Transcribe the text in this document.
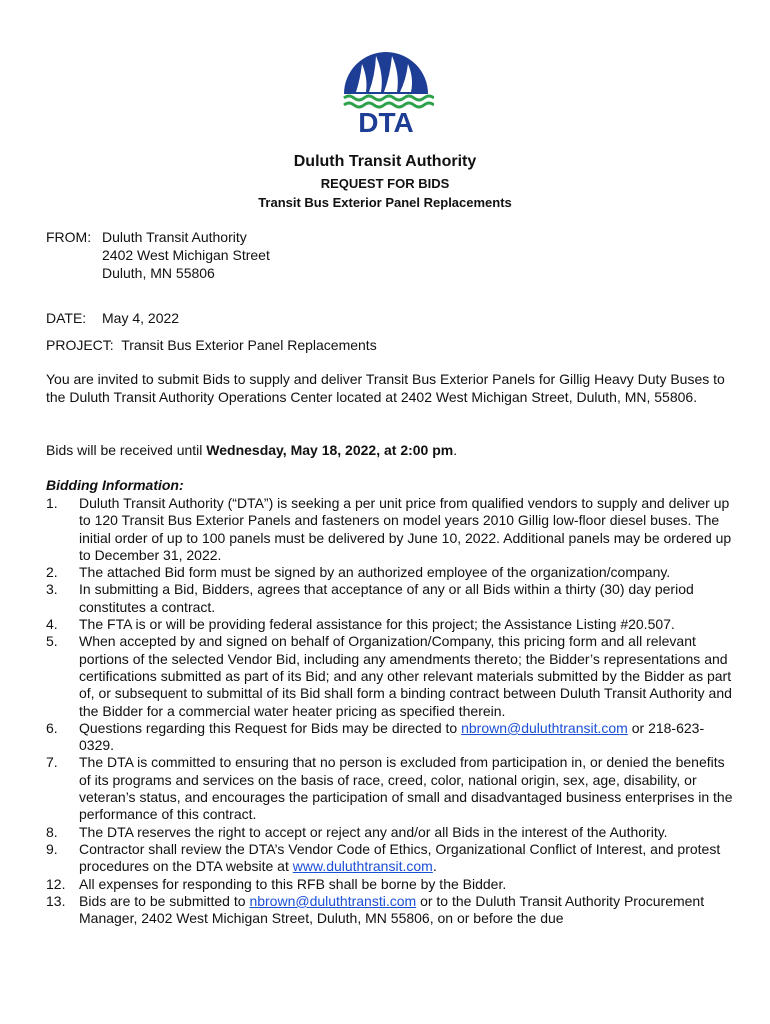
DTA
Duluth Transit Authority
REQUEST FOR BIDS
Transit Bus Exterior Panel Replacements
FROM: Duluth Transit Authority
2402 West Michigan Street
Duluth, MN 55806
DATE: May 4, 2022
PROJECT: Transit Bus Exterior Panel Replacements
You are invited to submit Bids to supply and deliver Transit Bus Exterior Panels for Gillig Heavy Duty Buses to the Duluth Transit Authority Operations Center located at 2402 West Michigan Street, Duluth, MN, 55806.
Bids will be received until Wednesday, May 18, 2022, at 2:00 pm.
Bidding Information:
1.	Duluth Transit Authority (“DTA”) is seeking a per unit price from qualified vendors to supply and deliver up to 120 Transit Bus Exterior Panels and fasteners on model years 2010 Gillig low-floor diesel buses. The initial order of up to 100 panels must be delivered by June 10, 2022. Additional panels may be ordered up to December 31, 2022.
2.	The attached Bid form must be signed by an authorized employee of the organization/company.
3.	In submitting a Bid, Bidders, agrees that acceptance of any or all Bids within a thirty (30) day period constitutes a contract.
4.	The FTA is or will be providing federal assistance for this project; the Assistance Listing #20.507.
5.	When accepted by and signed on behalf of Organization/Company, this pricing form and all relevant portions of the selected Vendor Bid, including any amendments thereto; the Bidder’s representations and certifications submitted as part of its Bid; and any other relevant materials submitted by the Bidder as part of, or subsequent to submittal of its Bid shall form a binding contract between Duluth Transit Authority and the Bidder for a commercial water heater pricing as specified therein.
6.	Questions regarding this Request for Bids may be directed to nbrown@duluthtransit.com or 218-623-0329.
7.	The DTA is committed to ensuring that no person is excluded from participation in, or denied the benefits of its programs and services on the basis of race, creed, color, national origin, sex, age, disability, or veteran’s status, and encourages the participation of small and disadvantaged business enterprises in the performance of this contract.
8.	The DTA reserves the right to accept or reject any and/or all Bids in the interest of the Authority.
9.	Contractor shall review the DTA’s Vendor Code of Ethics, Organizational Conflict of Interest, and protest procedures on the DTA website at www.duluthtransit.com.
12. All expenses for responding to this RFB shall be borne by the Bidder.
13. Bids are to be submitted to nbrown@duluthtransti.com or to the Duluth Transit Authority Procurement Manager, 2402 West Michigan Street, Duluth, MN 55806, on or before the due
